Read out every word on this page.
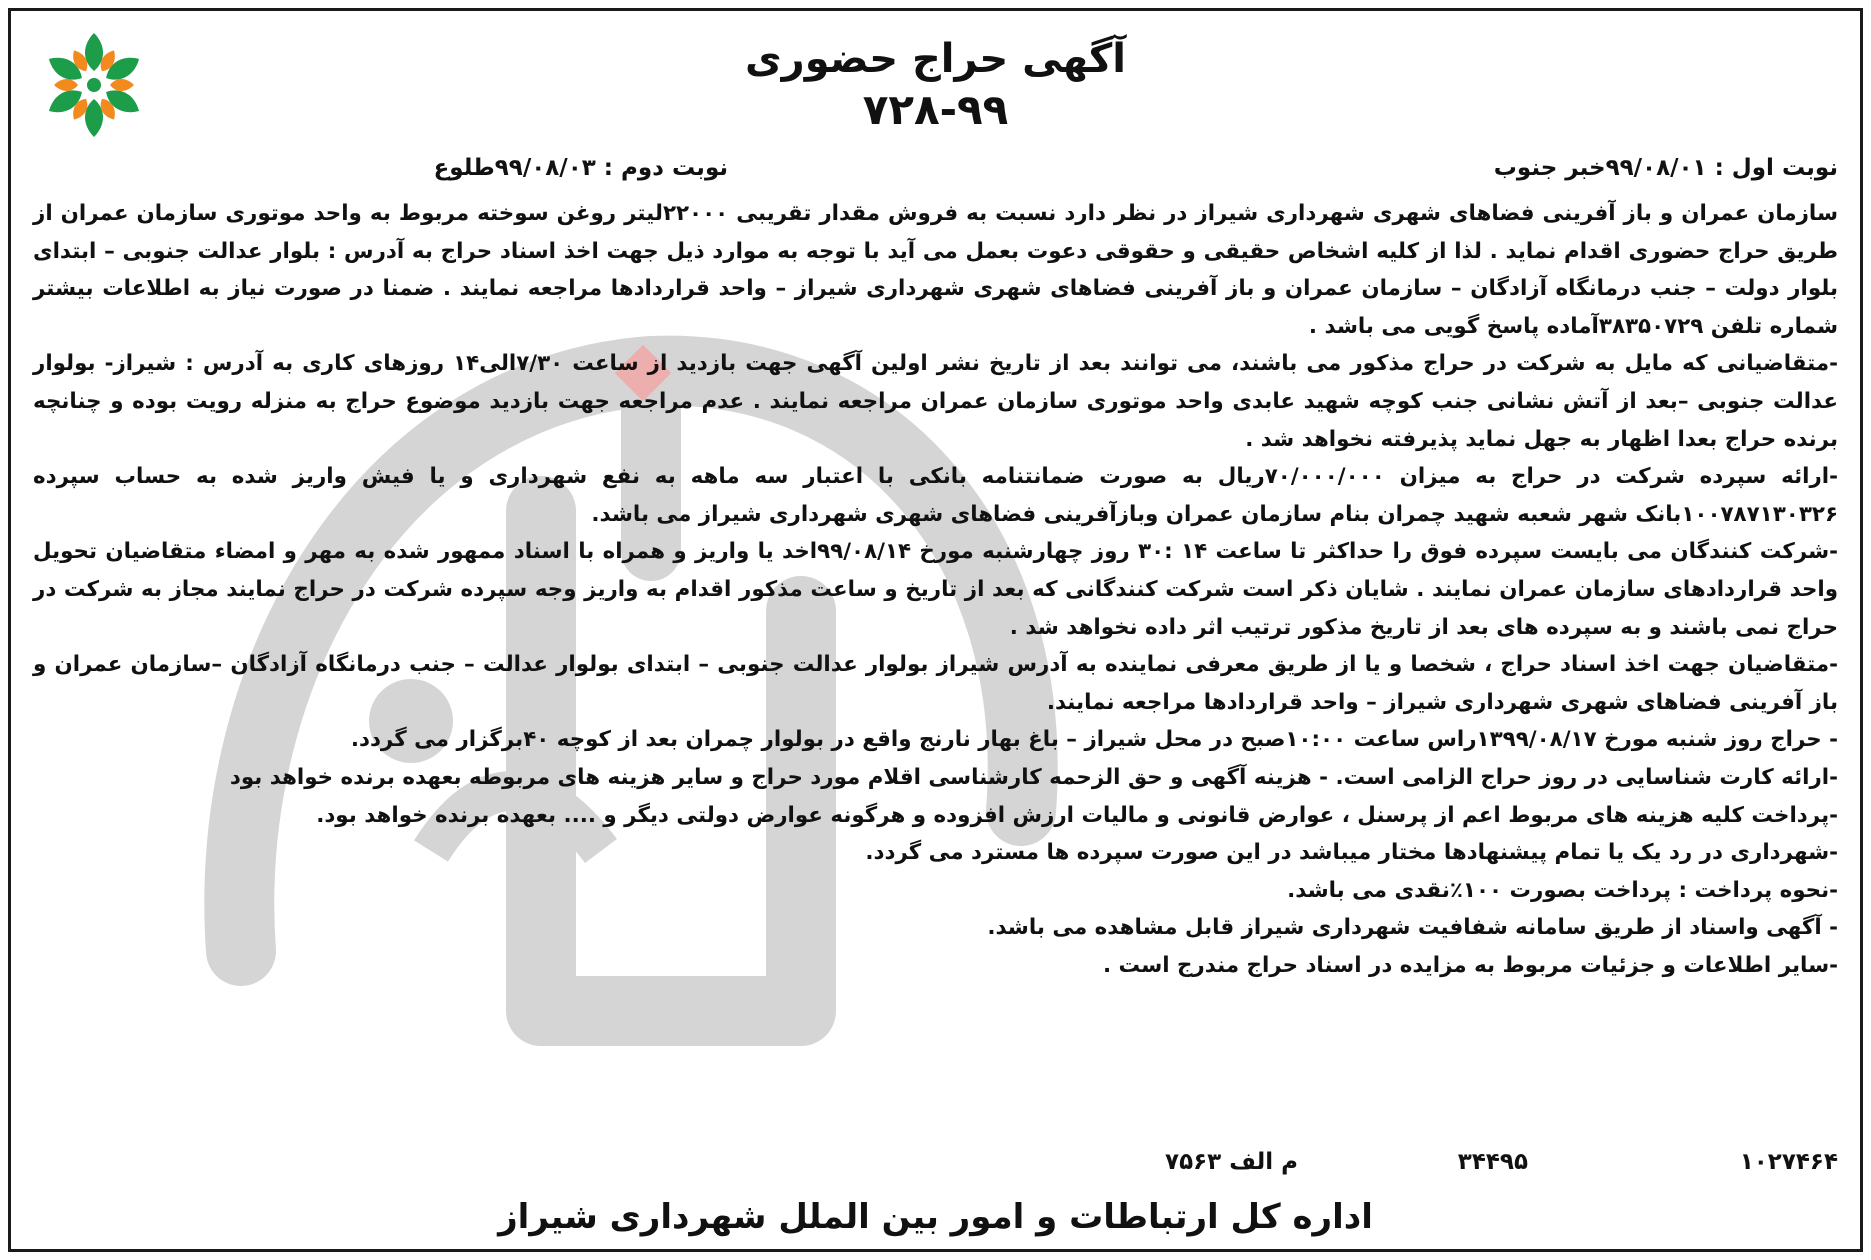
آگهی حراج حضوری
۷۲۸-۹۹
نوبت اول : ۹۹/۰۸/۰۱خبر جنوب
نوبت دوم : ۹۹/۰۸/۰۳طلوع

سازمان عمران و باز آفرینی فضاهای شهری شهرداری شیراز در نظر دارد نسبت به فروش مقدار تقریبی ۲۲۰۰۰لیتر روغن سوخته مربوط به واحد موتوری سازمان عمران از طریق حراج حضوری اقدام نماید . لذا از کلیه اشخاص حقیقی و حقوقی دعوت بعمل می آید با توجه به موارد ذیل جهت اخذ اسناد حراج به آدرس : بلوار عدالت جنوبی – ابتدای بلوار دولت – جنب درمانگاه آزادگان – سازمان عمران و باز آفرینی فضاهای شهری شهرداری شیراز – واحد قراردادها مراجعه نمایند . ضمنا در صورت نیاز به اطلاعات بیشتر شماره تلفن ۳۸۳۵۰۷۲۹آماده پاسخ گویی می باشد .

-متقاضیانی که مایل به شرکت در حراج مذکور می باشند، می توانند بعد از تاریخ نشر اولین آگهی جهت بازدید از ساعت ۷/۳۰الی۱۴ روزهای کاری به آدرس : شیراز- بولوار عدالت جنوبی –بعد از آتش نشانی جنب کوچه شهید عابدی واحد موتوری سازمان عمران مراجعه نمایند . عدم مراجعه جهت بازدید موضوع حراج به منزله رویت بوده و چنانچه برنده حراج بعدا اظهار به جهل نماید پذیرفته نخواهد شد .

-ارائه سپرده شرکت در حراج به میزان ۷۰/۰۰۰/۰۰۰ریال به صورت ضمانتنامه بانکی با اعتبار سه ماهه به نفع شهرداری و یا فیش واریز شده به حساب سپرده ۱۰۰۷۸۷۱۳۰۳۲۶بانک شهر شعبه شهید چمران بنام سازمان عمران وبازآفرینی فضاهای شهری شهرداری شیراز می باشد.

-شرکت کنندگان می بایست سپرده فوق را حداکثر تا ساعت ۱۴ :۳۰ روز چهارشنبه مورخ ۹۹/۰۸/۱۴اخد یا واریز و همراه با اسناد ممهور شده به مهر و امضاء متقاضیان تحویل واحد قراردادهای سازمان عمران نمایند . شایان ذکر است شرکت کنندگانی که بعد از تاریخ و ساعت مذکور اقدام به واریز وجه سپرده شرکت در حراج نمایند مجاز به شرکت در حراج نمی باشند و به سپرده های بعد از تاریخ مذکور ترتیب اثر داده نخواهد شد .

-متقاضیان جهت اخذ اسناد حراج ، شخصا و یا از طریق معرفی نماینده به آدرس شیراز بولوار عدالت جنوبی – ابتدای بولوار عدالت – جنب درمانگاه آزادگان –سازمان عمران و باز آفرینی فضاهای شهری شهرداری شیراز – واحد قراردادها مراجعه نمایند.

- حراج روز شنبه مورخ ۱۳۹۹/۰۸/۱۷راس ساعت ۱۰:۰۰صبح در محل شیراز – باغ بهار نارنج واقع در بولوار چمران بعد از کوچه ۴۰برگزار می گردد.

-ارائه کارت شناسایی در روز حراج الزامی است. - هزینه آگهی و حق الزحمه کارشناسی اقلام مورد حراج و سایر هزینه های مربوطه بعهده برنده خواهد بود

-پرداخت کلیه هزینه های مربوط اعم از پرسنل ، عوارض قانونی و مالیات ارزش افزوده و هرگونه عوارض دولتی دیگر و .... بعهده برنده خواهد بود.

-شهرداری در رد یک یا تمام پیشنهادها مختار میباشد در این صورت سپرده ها مسترد می گردد.

-نحوه پرداخت : پرداخت بصورت ۱۰۰٪نقدی می باشد.

- آگهی واسناد از طریق سامانه شفافیت شهرداری شیراز قابل مشاهده می باشد.

-سایر اطلاعات و جزئیات مربوط به مزایده در اسناد حراج مندرج است .

۱۰۲۷۴۶۴
۳۴۴۹۵
م الف ۷۵۶۳
اداره کل ارتباطات و امور بین الملل شهرداری شیراز
